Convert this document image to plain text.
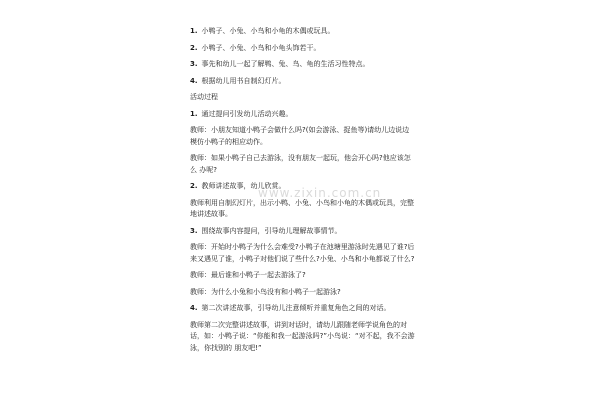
1. 小鸭子、小兔、小鸟和小龟的木偶或玩具。
2. 小鸭子、小兔、小鸟和小龟头饰若干。
3. 事先和幼儿一起了解鸭、兔、鸟、龟的生活习性特点。
4. 根据幼儿用书自制幻灯片。
活动过程
1. 通过提问引发幼儿活动兴趣。
教师：小朋友知道小鸭子会做什么吗?(如会游泳、捉鱼等)请幼儿边说边模仿小鸭子的相应动作。
教师：如果小鸭子自己去游泳，没有朋友一起玩，他会开心吗?他应该怎么 办呢?
2. 教师讲述故事，幼儿欣赏。
教师利用自制幻灯片，出示小鸭、小兔、小鸟和小龟的木偶或玩具，完整地讲述故事。
3. 围绕故事内容提问，引导幼儿理解故事情节。
教师：开始时小鸭子为什么会难受?小鸭子在池塘里游泳时先遇见了谁?后来又遇见了谁，小鸭子对他们说了些什么?小兔、小鸟和小龟都说了什么?
教师：最后谁和小鸭子一起去游泳了?
教师：为什么小兔和小鸟没有和小鸭子一起游泳?
4. 第二次讲述故事，引导幼儿注意倾听并重复角色之间的对话。
教师第二次完整讲述故事，讲到对话时，请幼儿跟随老师学说角色的对话，如：小鸭子说：“你能和我一起游泳吗?”小鸟说：“对不起，我不会游泳，你找别的 朋友吧!”
www.zixin.com.cn
